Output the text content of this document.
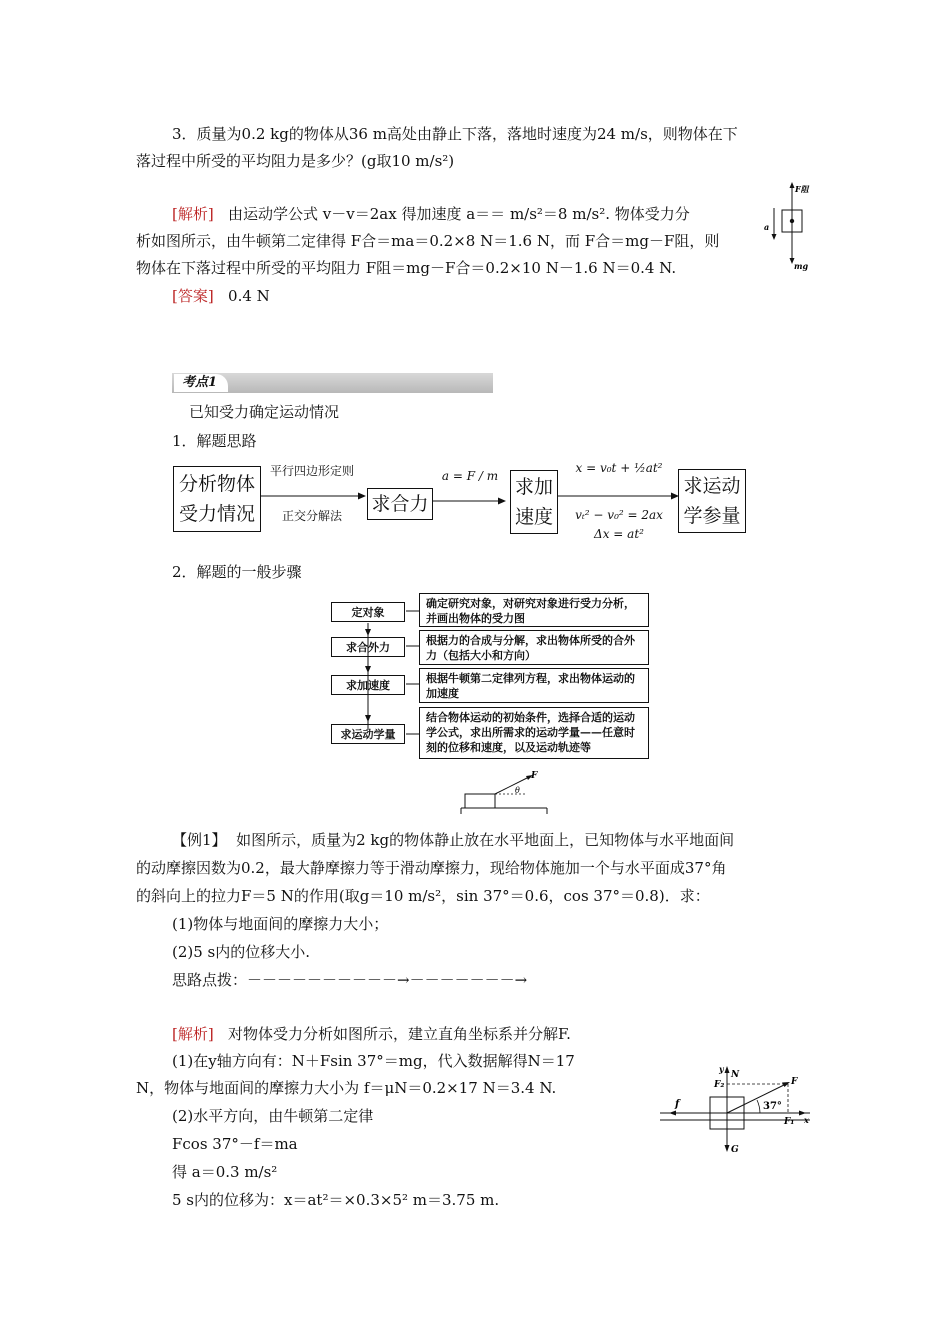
3．质量为0.2 kg的物体从36 m高处由静止下落，落地时速度为24 m/s，则物体在下
落过程中所受的平均阻力是多少？(g取10 m/s²)
[解析] 由运动学公式 v－v＝2ax 得加速度 a＝＝ m/s²＝8 m/s². 物体受力分
析如图所示，由牛顿第二定律得 F合＝ma＝0.2×8 N＝1.6 N，而 F合＝mg－F阻，则
物体在下落过程中所受的平均阻力 F阻＝mg－F合＝0.2×10 N－1.6 N＝0.4 N.
[答案] 0.4 N
F阻
a
mg
考点1
已知受力确定运动情况
1．解题思路
分析物体受力情况
平行四边形定则
正交分解法
求合力
a = F / m 求加速度
x = v₀t + ½at²
vₜ² − v₀² = 2ax
Δx = at²
求运动学参量
2．解题的一般步骤
定对象
确定研究对象，对研究对象进行受力分析，并画出物体的受力图
求合外力
根据力的合成与分解，求出物体所受的合外力（包括大小和方向）
求加速度
根据牛顿第二定律列方程，求出物体运动的加速度
求运动学量
结合物体运动的初始条件，选择合适的运动学公式，求出所需求的运动学量——任意时刻的位移和速度，以及运动轨迹等
F
θ
【例1】 如图所示，质量为2 kg的物体静止放在水平地面上，已知物体与水平地面间
的动摩擦因数为0.2，最大静摩擦力等于滑动摩擦力，现给物体施加一个与水平面成37°角
的斜向上的拉力F＝5 N的作用(取g＝10 m/s²，sin 37°＝0.6，cos 37°＝0.8)．求：
(1)物体与地面间的摩擦力大小；
(2)5 s内的位移大小.
思路点拨：－－－－－－－－－－→－－－－－－－→
[解析] 对物体受力分析如图所示，建立直角坐标系并分解F.
(1)在y轴方向有：N＋Fsin 37°＝mg，代入数据解得N＝17
N，物体与地面间的摩擦力大小为 f＝μN＝0.2×17 N＝3.4 N.
(2)水平方向，由牛顿第二定律
Fcos 37°－f＝ma
得 a＝0.3 m/s²
5 s内的位移为：x＝at²＝×0.3×5² m＝3.75 m.
y
N
F₂	F
37°
f
F₁ x
G
